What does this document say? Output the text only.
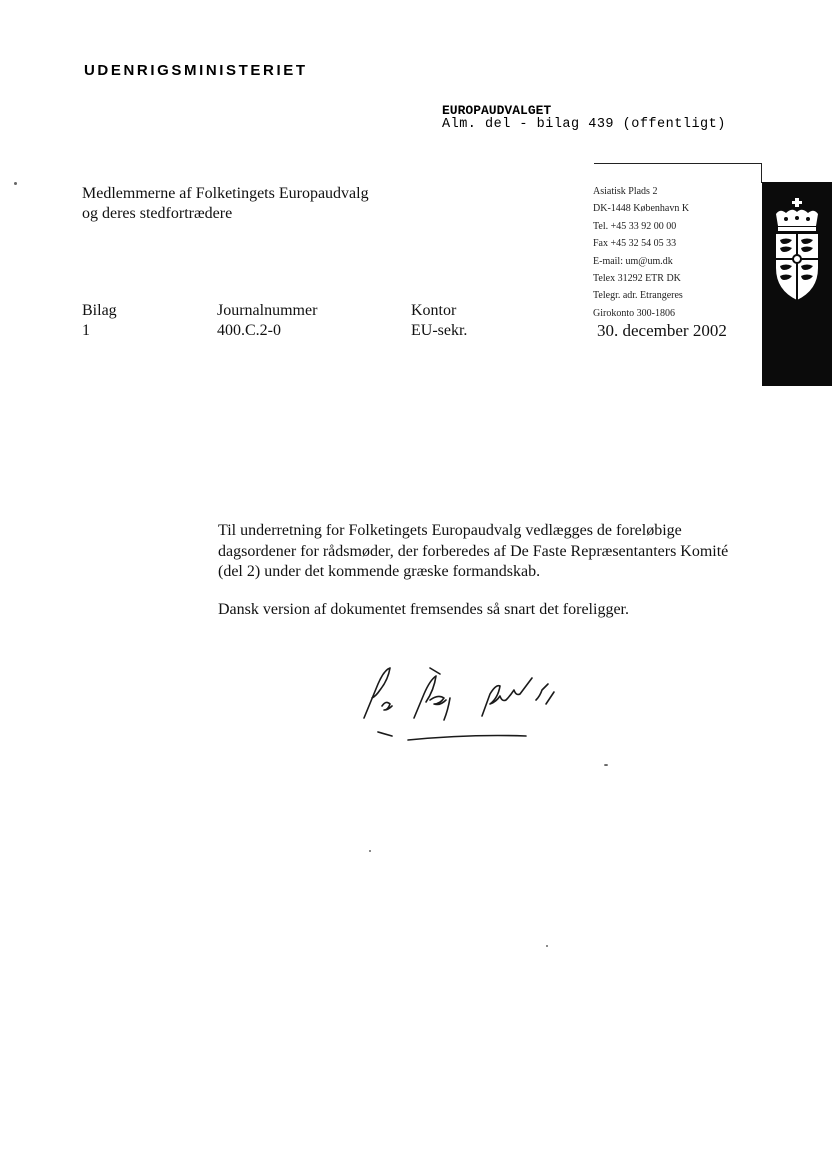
UDENRIGSMINISTERIET
EUROPAUDVALGET
Alm. del - bilag 439 (offentligt)
Medlemmerne af Folketingets Europaudvalg
og deres stedfortrædere
Asiatisk Plads 2
DK-1448 København K
Tel. +45 33 92 00 00
Fax +45 32 54 05 33
E-mail: um@um.dk
Telex 31292 ETR DK
Telegr. adr. Etrangeres
Girokonto 300-1806
Bilag
1
Journalnummer
400.C.2-0
Kontor
EU-sekr.	30. december 2002

Til underretning for Folketingets Europaudvalg vedlægges de foreløbige dagsordener for rådsmøder, der forberedes af De Faste Repræsentanters Komité (del 2) under det kommende græske formandskab.

Dansk version af dokumentet fremsendes så snart det foreligger.
